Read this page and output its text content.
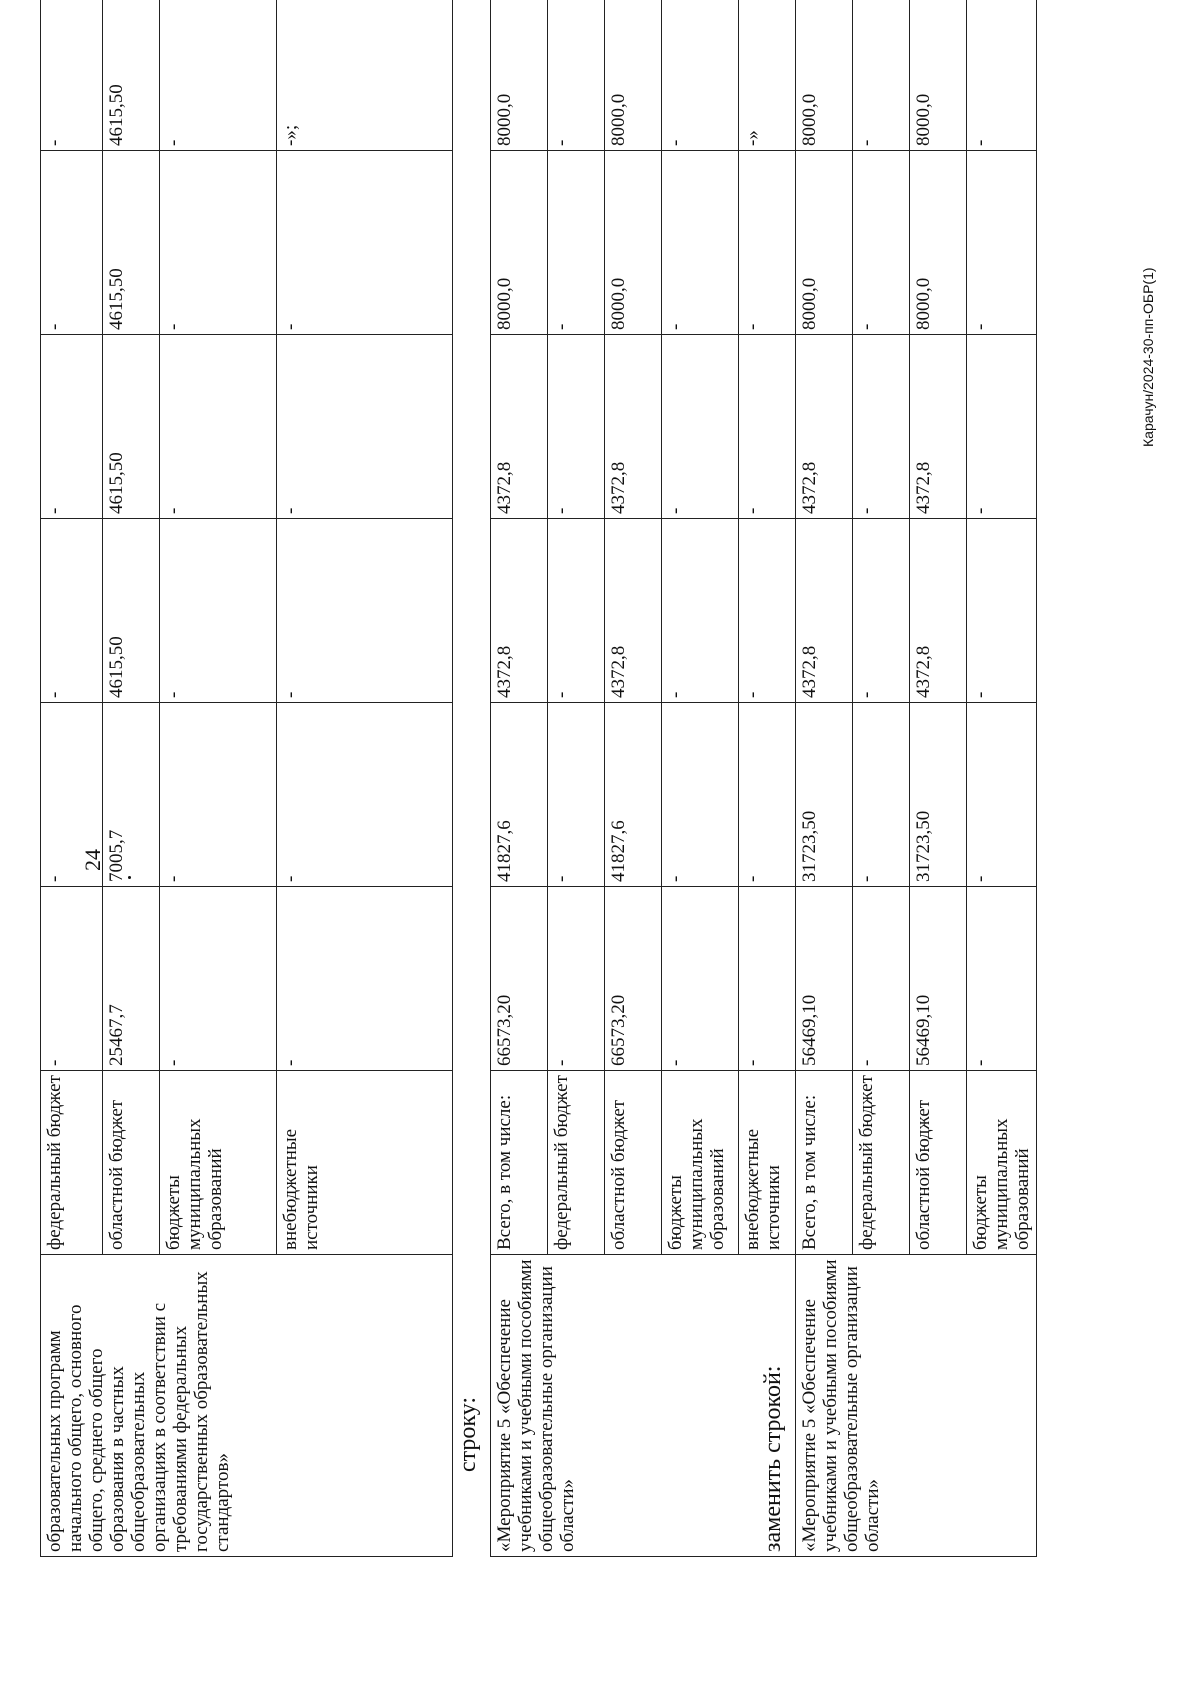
24
образовательных программ начального общего, основного общего, среднего общего образования в частных общеобразовательных организациях в соответствии с требованиями федеральных государственных образовательных стандартов»	федеральный бюджет	-	-	-	-	-	-
	областной бюджет	25467,7	7005,7	4615,50	4615,50	4615,50	4615,50
	бюджеты муниципальных образований	-	-	-	-	-	-
	внебюджетные источники	-	-	-	-	-	-»;
строку: «Мероприятие 5 «Обеспечение учебниками и учебными пособиями общеобразовательные организации области»	Всего, в том числе:	66573,20	41827,6	4372,8	4372,8	8000,0	8000,0
	федеральный бюджет	-	-	-	-	-	-
	областной бюджет	66573,20	41827,6	4372,8	4372,8	8000,0	8000,0
	бюджеты муниципальных образований	-	-	-	-	-	-
	внебюджетные источники	-	-	-	-	-	-»
заменить строкой: «Мероприятие 5 «Обеспечение учебниками и учебными пособиями общеобразовательные организации области»	Всего, в том числе:	56469,10	31723,50	4372,8	4372,8	8000,0	8000,0
	федеральный бюджет	-	-	-	-	-	-
	областной бюджет	56469,10	31723,50	4372,8	4372,8	8000,0	8000,0
	бюджеты муниципальных образований	-	-	-	-	-	-
Карачун/2024-30-пп-ОБР(1)
